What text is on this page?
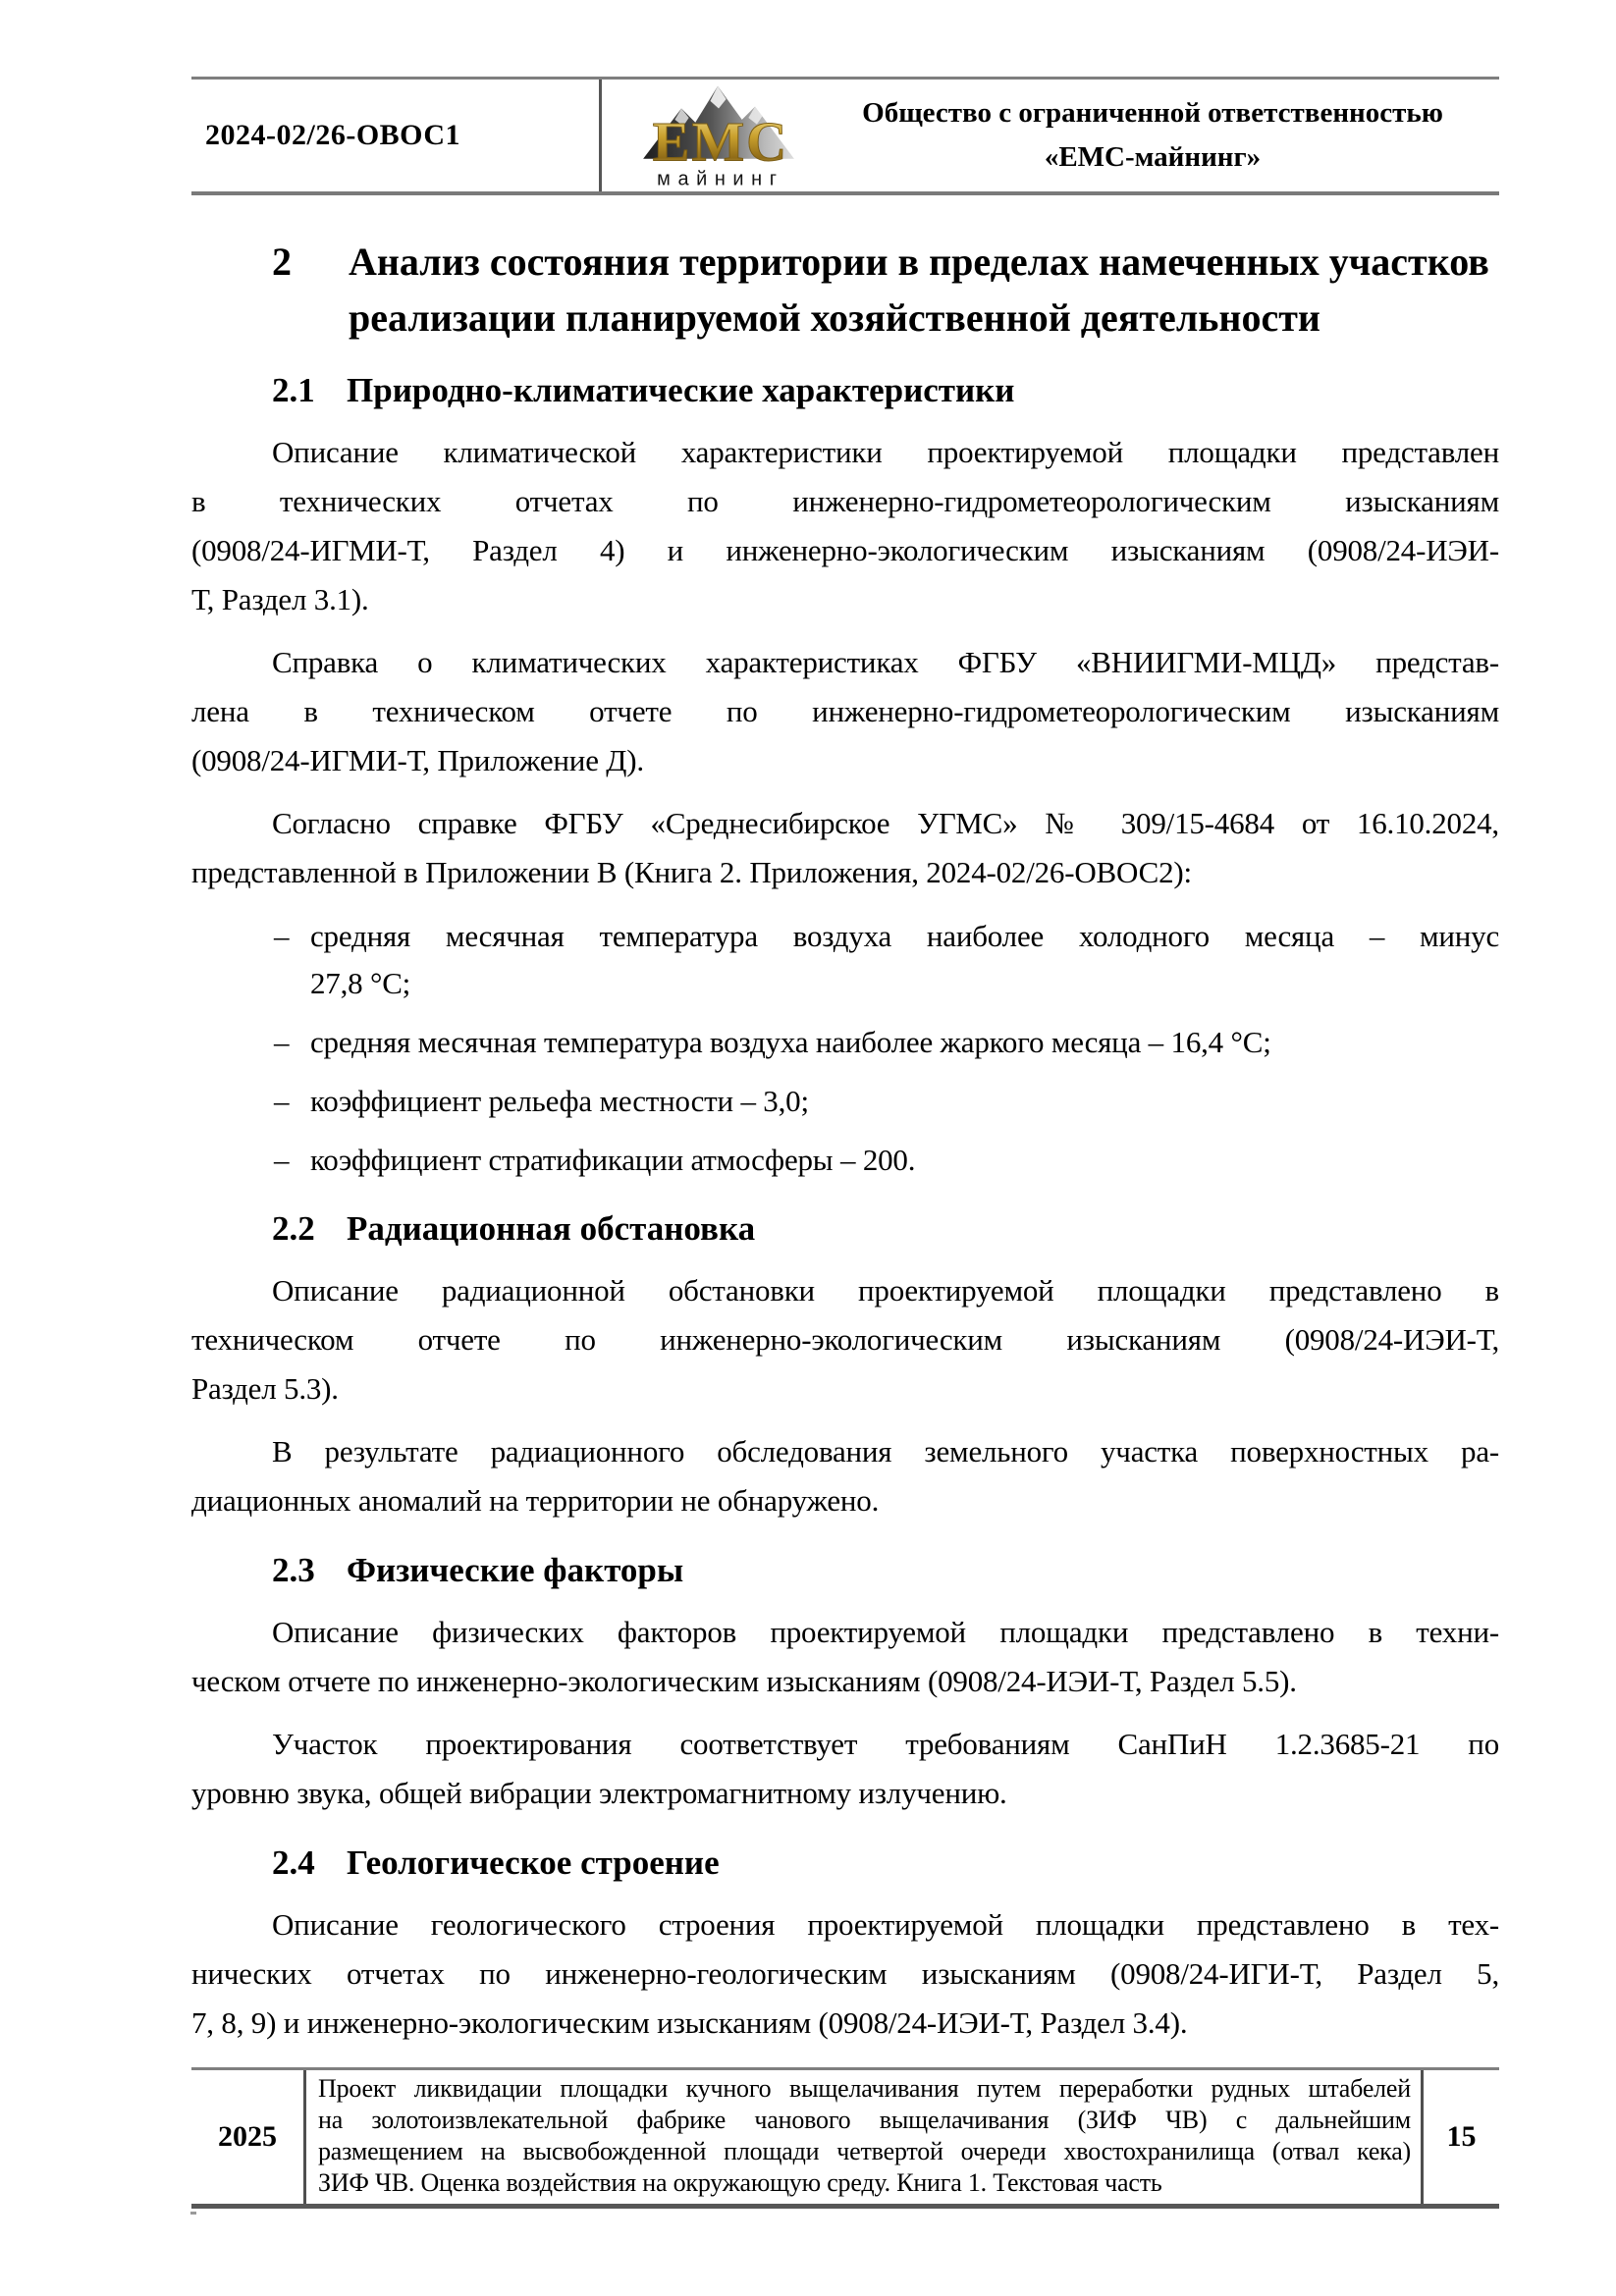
2024-02/26-ОВОС1	ЕМС
майнинг
Общество с ограниченной ответственностью
«ЕМС-майнинг»
2	Анализ состояния территории в пределах намеченных участков
реализации планируемой хозяйственной деятельности
2.1 Природно-климатические характеристики
Описание климатической характеристики проектируемой площадки представлен
в технических отчетах по инженерно-гидрометеорологическим изысканиям
(0908/24-ИГМИ-Т, Раздел 4) и инженерно-экологическим изысканиям (0908/24-ИЭИ-
Т, Раздел 3.1).
Справка о климатических характеристиках ФГБУ «ВНИИГМИ-МЦД» представ-
лена в техническом отчете по инженерно-гидрометеорологическим изысканиям
(0908/24-ИГМИ-Т, Приложение Д).
Согласно справке ФГБУ «Среднесибирское УГМС» № 309/15-4684 от 16.10.2024,
представленной в Приложении В (Книга 2. Приложения, 2024-02/26-ОВОС2):
– средняя месячная температура воздуха наиболее холодного месяца – минус
27,8 °С;
– средняя месячная температура воздуха наиболее жаркого месяца – 16,4 °С;
– коэффициент рельефа местности – 3,0;
– коэффициент стратификации атмосферы – 200.
2.2 Радиационная обстановка
Описание радиационной обстановки проектируемой площадки представлено в
техническом отчете по инженерно-экологическим изысканиям (0908/24-ИЭИ-Т,
Раздел 5.3).
В результате радиационного обследования земельного участка поверхностных ра-
диационных аномалий на территории не обнаружено.
2.3 Физические факторы
Описание физических факторов проектируемой площадки представлено в техни-
ческом отчете по инженерно-экологическим изысканиям (0908/24-ИЭИ-Т, Раздел 5.5).
Участок проектирования соответствует требованиям СанПиН 1.2.3685-21 по
уровню звука, общей вибрации электромагнитному излучению.
2.4 Геологическое строение
Описание геологического строения проектируемой площадки представлено в тех-
нических отчетах по инженерно-геологическим изысканиям (0908/24-ИГИ-Т, Раздел 5,
7, 8, 9) и инженерно-экологическим изысканиям (0908/24-ИЭИ-Т, Раздел 3.4).
2025
Проект ликвидации площадки кучного выщелачивания путем переработки рудных штабелей
на золотоизвлекательной фабрике чанового выщелачивания (ЗИФ ЧВ) с дальнейшим
размещением на высвобожденной площади четвертой очереди хвостохранилища (отвал кека)
ЗИФ ЧВ. Оценка воздействия на окружающую среду. Книга 1. Текстовая часть
15
